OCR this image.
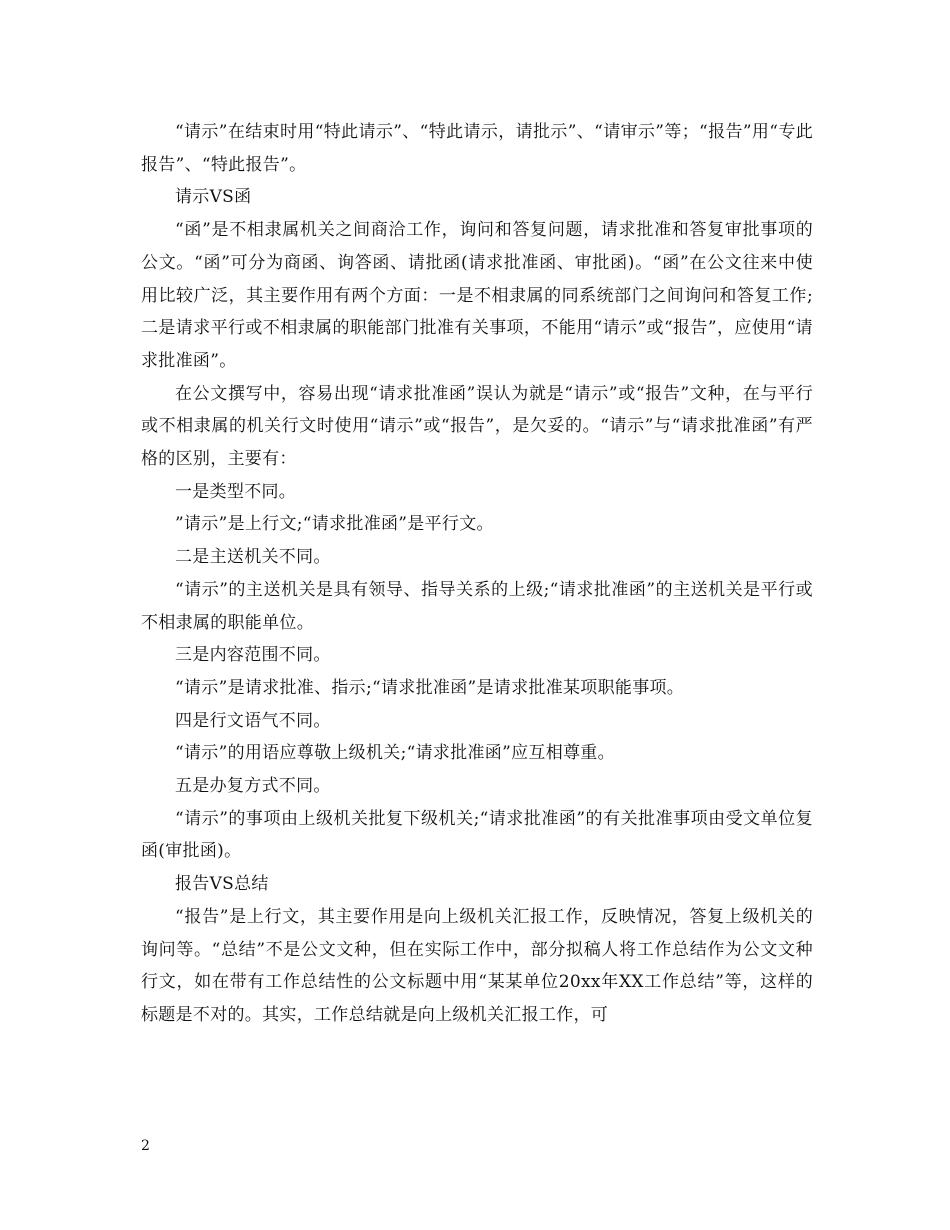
“请示”在结束时用“特此请示”、“特此请示，请批示”、“请审示”等；“报告”用“专此报告”、“特此报告”。

请示VS函

“函”是不相隶属机关之间商洽工作，询问和答复问题，请求批准和答复审批事项的公文。“函”可分为商函、询答函、请批函(请求批准函、审批函)。“函”在公文往来中使用比较广泛，其主要作用有两个方面：一是不相隶属的同系统部门之间询问和答复工作;二是请求平行或不相隶属的职能部门批准有关事项，不能用“请示”或“报告”，应使用“请求批准函”。

在公文撰写中，容易出现“请求批准函”误认为就是“请示”或“报告”文种，在与平行或不相隶属的机关行文时使用“请示”或“报告”，是欠妥的。“请示”与“请求批准函”有严格的区别，主要有：

一是类型不同。

”请示”是上行文;“请求批准函”是平行文。

二是主送机关不同。

“请示”的主送机关是具有领导、指导关系的上级;“请求批准函”的主送机关是平行或不相隶属的职能单位。

三是内容范围不同。

“请示”是请求批准、指示;“请求批准函”是请求批准某项职能事项。

四是行文语气不同。

“请示”的用语应尊敬上级机关;“请求批准函”应互相尊重。

五是办复方式不同。

“请示”的事项由上级机关批复下级机关;“请求批准函”的有关批准事项由受文单位复函(审批函)。

报告VS总结

“报告”是上行文，其主要作用是向上级机关汇报工作，反映情况，答复上级机关的询问等。“总结”不是公文文种，但在实际工作中，部分拟稿人将工作总结作为公文文种行文，如在带有工作总结性的公文标题中用“某某单位20xx年XX工作总结”等，这样的标题是不对的。其实，工作总结就是向上级机关汇报工作，可

2
